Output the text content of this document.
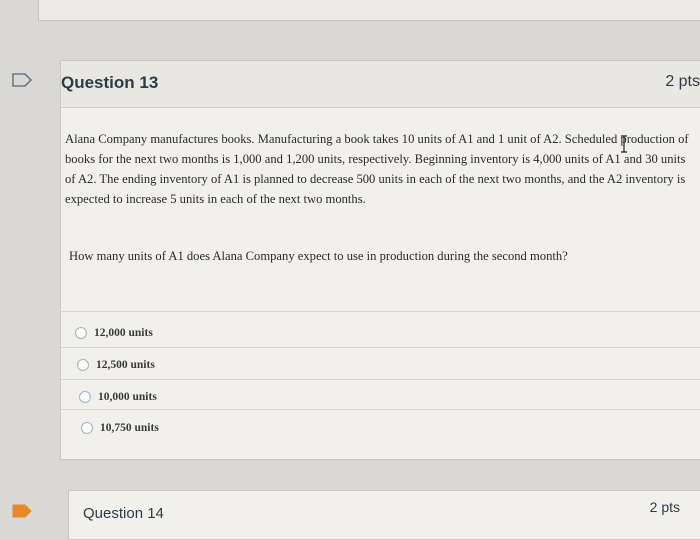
Question 13	2 pts
Alana Company manufactures books. Manufacturing a book takes 10 units of A1 and 1 unit of A2. Scheduled production of books for the next two months is 1,000 and 1,200 units, respectively. Beginning inventory is 4,000 units of A1 and 30 units of A2. The ending inventory of A1 is planned to decrease 500 units in each of the next two months, and the A2 inventory is expected to increase 5 units in each of the next two months.
How many units of A1 does Alana Company expect to use in production during the second month?
12,000 units
12,500 units
10,000 units
10,750 units
Question 14	2 pts
